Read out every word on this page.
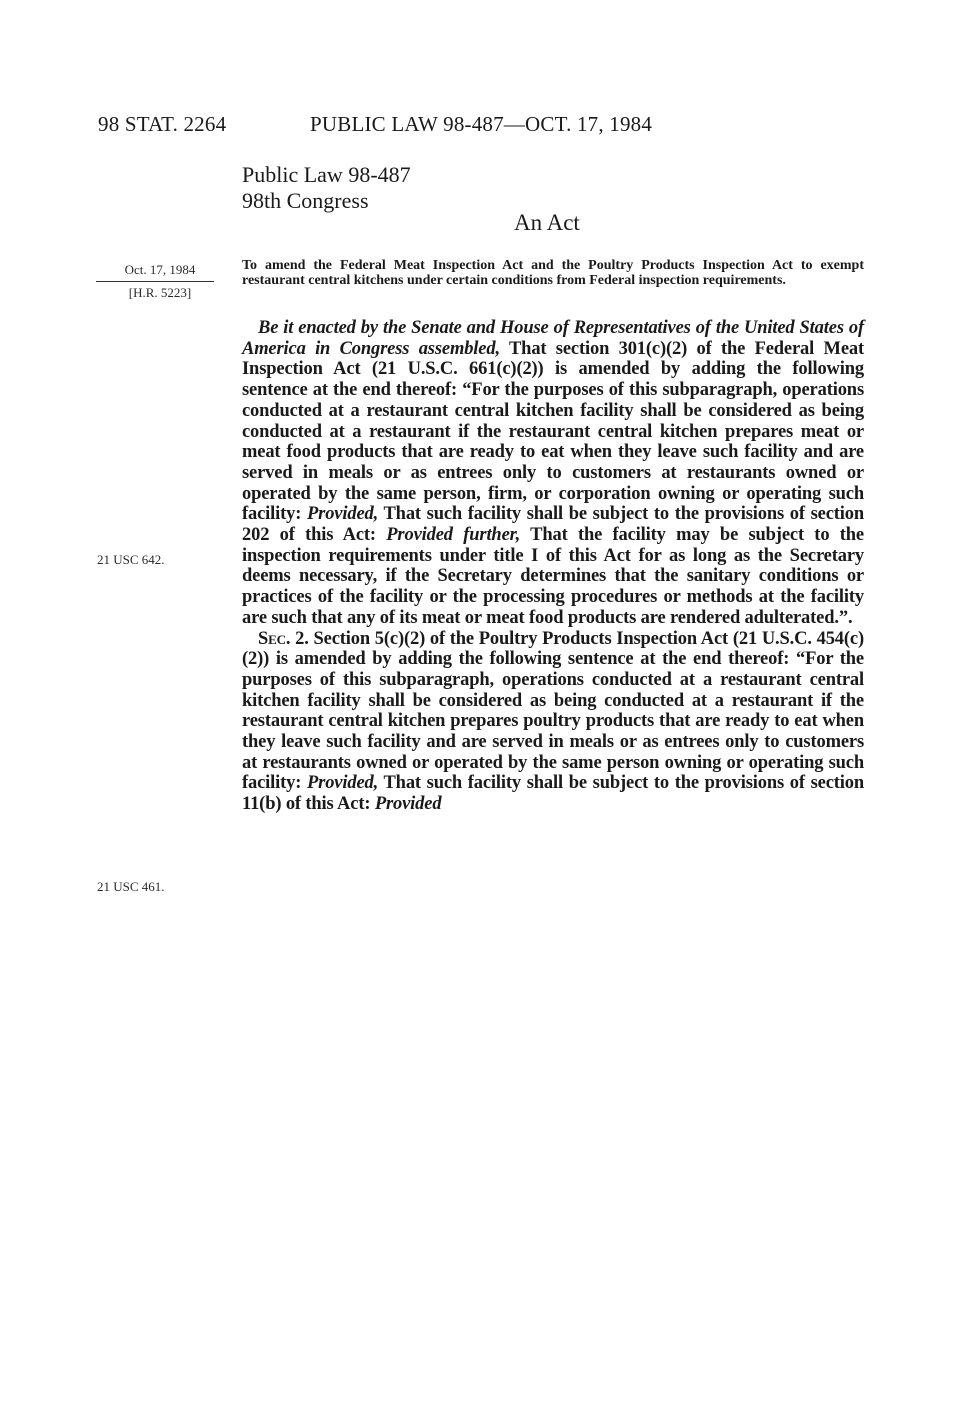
98 STAT. 2264	PUBLIC LAW 98-487—OCT. 17, 1984
Public Law 98-487
98th Congress
An Act
Oct. 17, 1984
[H.R. 5223]
To amend the Federal Meat Inspection Act and the Poultry Products Inspection Act to exempt restaurant central kitchens under certain conditions from Federal inspection requirements.

Be it enacted by the Senate and House of Representatives of the United States of America in Congress assembled, That section 301(c)(2) of the Federal Meat Inspection Act (21 U.S.C. 661(c)(2)) is amended by adding the following sentence at the end thereof: “For the purposes of this subparagraph, operations conducted at a restaurant central kitchen facility shall be considered as being conducted at a restaurant if the restaurant central kitchen prepares meat or meat food products that are ready to eat when they leave such facility and are served in meals or as entrees only to customers at restaurants owned or operated by the same person, firm, or corporation owning or operating such facility: Provided, That such facility shall be subject to the provisions of section 202 of this Act: Provided further, That the facility may be subject to the inspection requirements under title I of this Act for as long as the Secretary deems necessary, if the Secretary determines that the sanitary conditions or practices of the facility or the processing procedures or methods at the facility are such that any of its meat or meat food products are rendered adulterated.”.

Sec. 2. Section 5(c)(2) of the Poultry Products Inspection Act (21 U.S.C. 454(c)(2)) is amended by adding the following sentence at the end thereof: “For the purposes of this subparagraph, operations conducted at a restaurant central kitchen facility shall be considered as being conducted at a restaurant if the restaurant central kitchen prepares poultry products that are ready to eat when they leave such facility and are served in meals or as entrees only to customers at restaurants owned or operated by the same person owning or operating such facility: Provided, That such facility shall be subject to the provisions of section 11(b) of this Act: Provided

21 USC 642.
21 USC 461.
